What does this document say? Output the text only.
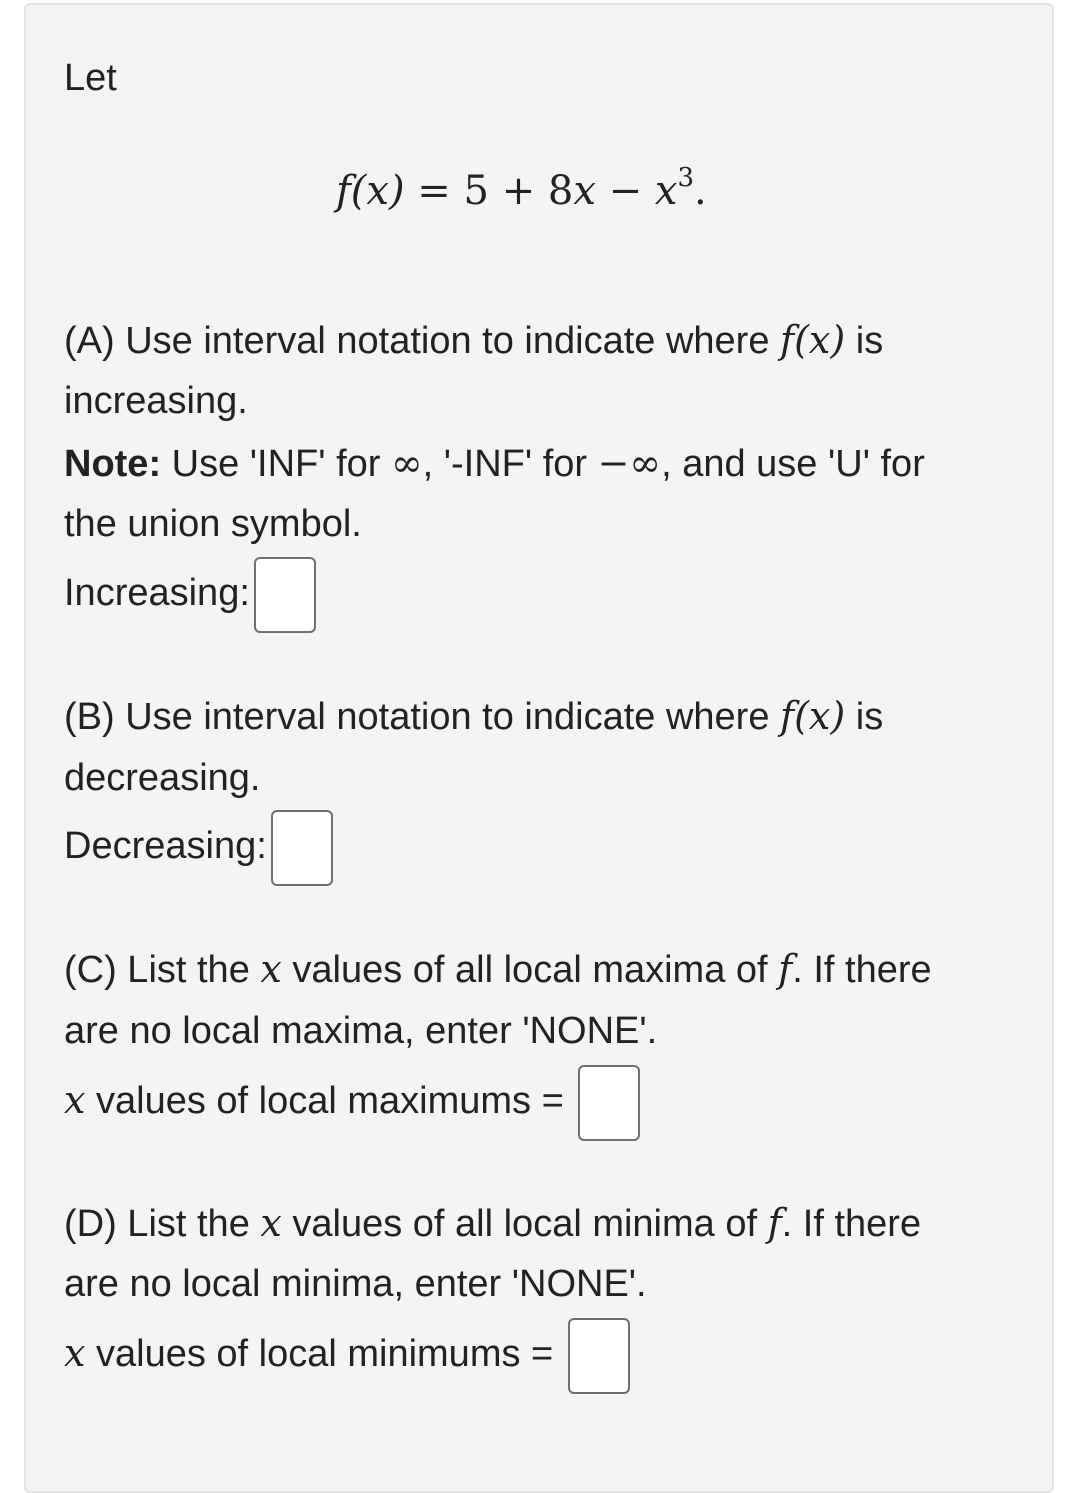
Let
$f(x) = 5 + 8x - x^3$.
(A) Use interval notation to indicate where f(x) is
increasing.
Note: Use 'INF' for ∞, '-INF' for −∞, and use 'U' for
the union symbol.
Increasing:
(B) Use interval notation to indicate where f(x) is
decreasing.
Decreasing:
(C) List the x values of all local maxima of f. If there
are no local maxima, enter 'NONE'.
x values of local maximums =
(D) List the x values of all local minima of f. If there
are no local minima, enter 'NONE'.
x values of local minimums =
